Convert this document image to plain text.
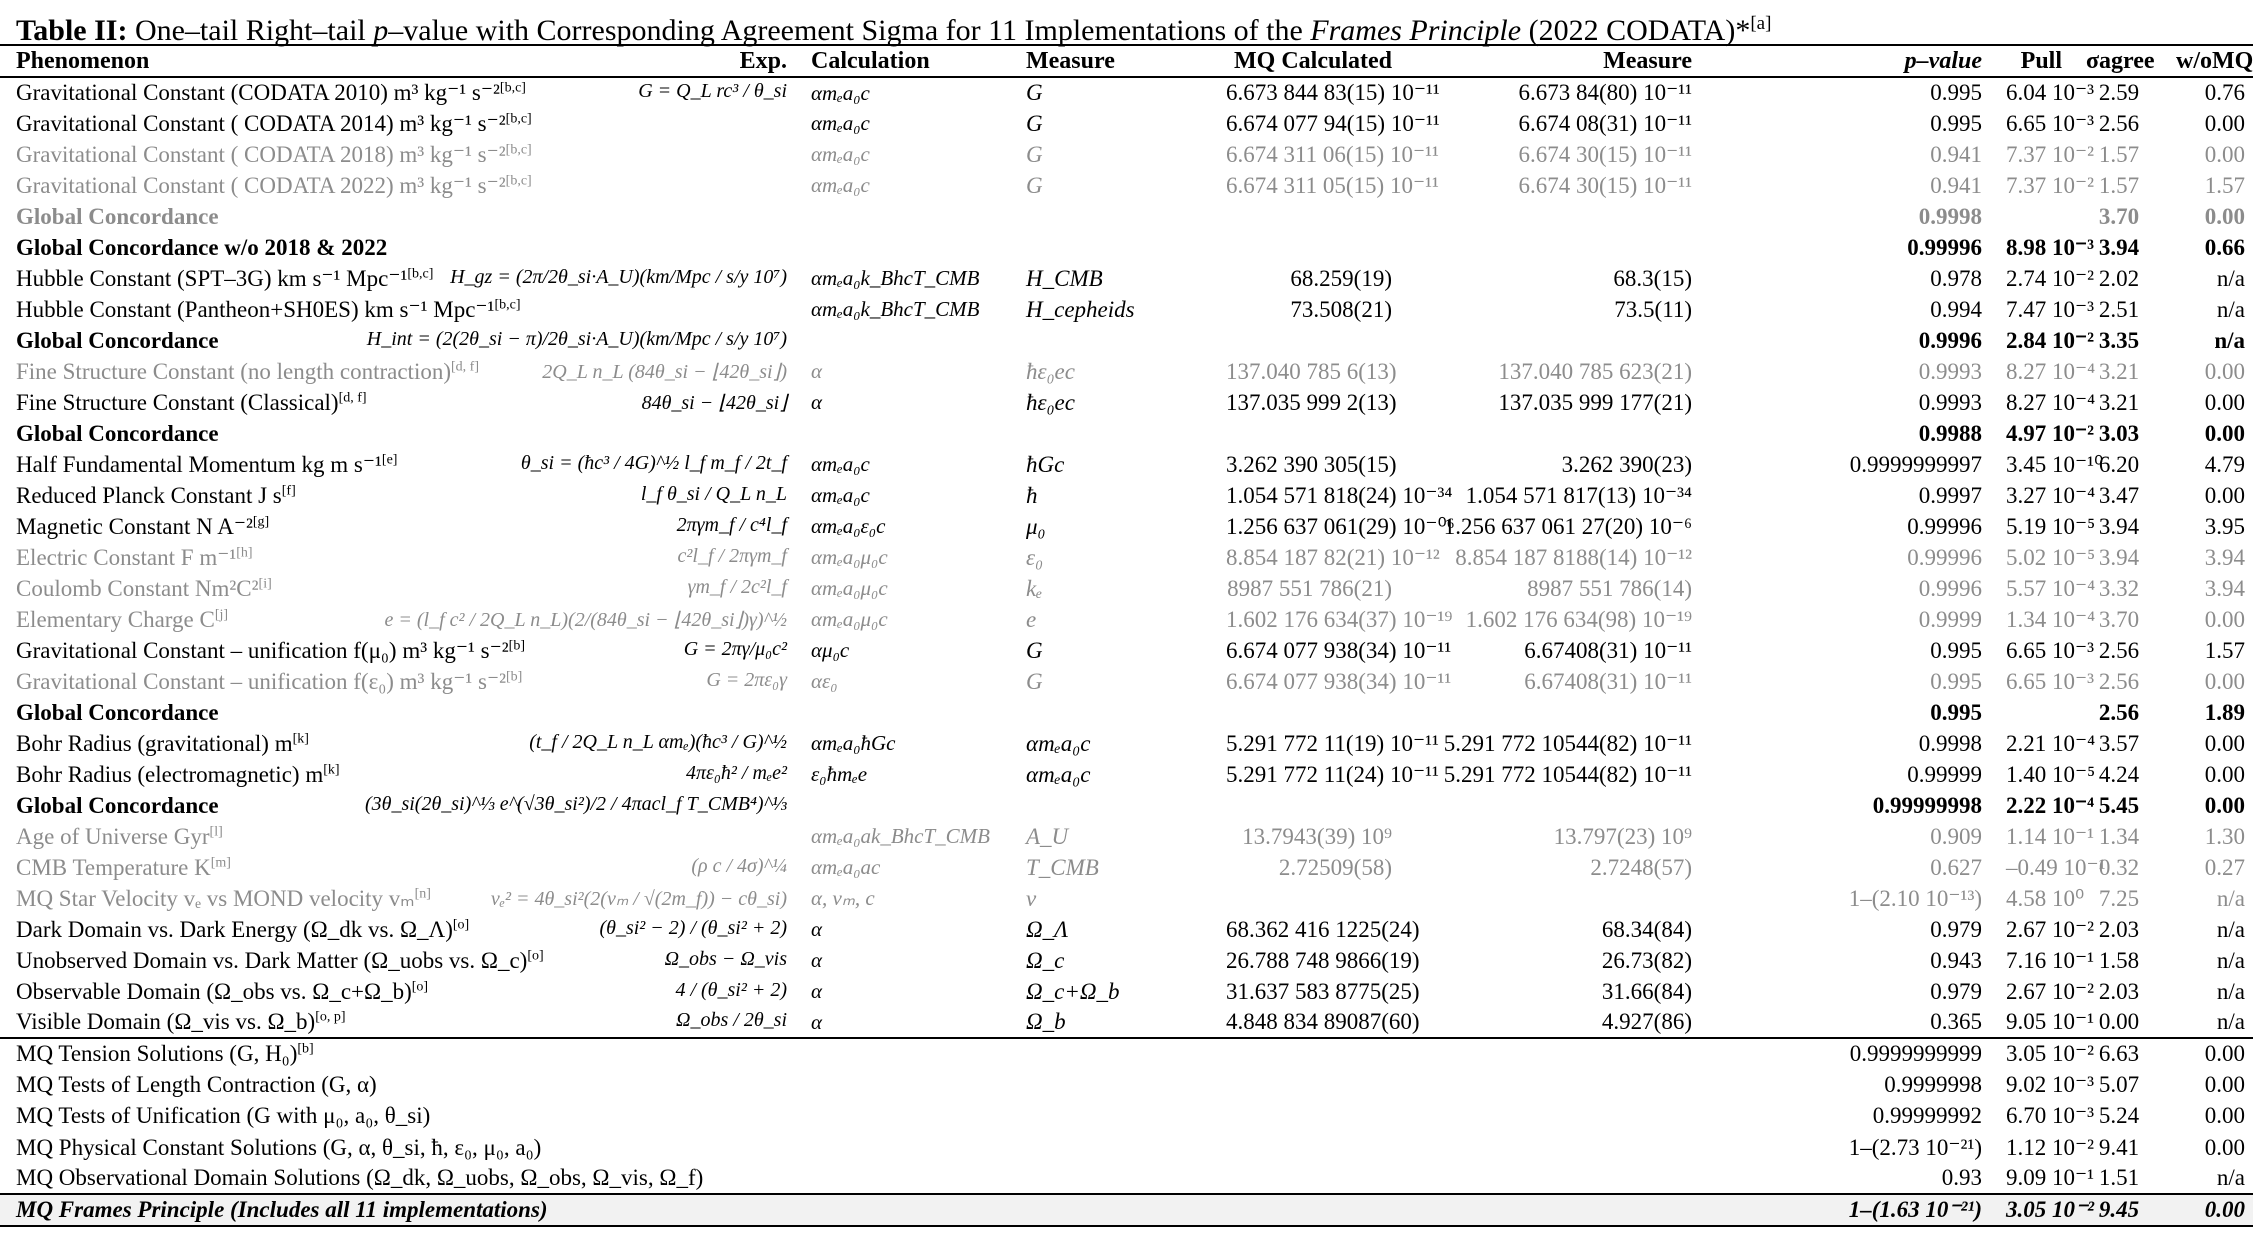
Table II: One–tail Right–tail p–value with Corresponding Agreement Sigma for 11 Implementations of the Frames Principle (2022 CODATA)*[a]
Phenomenon Exp.	Calculation	Measure	MQ Calculated	Measure	p–value	Pull	σagree	w/oMQ
Gravitational Constant (CODATA 2010) m³ kg⁻¹ s⁻²[b,c] G = Q_L rc³ / θ_si	αmₑa₀c	G	6.673 844 83(15) 10⁻¹¹	6.673 84(80) 10⁻¹¹	0.995	6.04 10⁻³	2.59	0.76
Gravitational Constant ( CODATA 2014) m³ kg⁻¹ s⁻²[b,c]	αmₑa₀c	G	6.674 077 94(15) 10⁻¹¹	6.674 08(31) 10⁻¹¹	0.995	6.65 10⁻³	2.56	0.00
Gravitational Constant ( CODATA 2018) m³ kg⁻¹ s⁻²[b,c]	αmₑa₀c	G	6.674 311 06(15) 10⁻¹¹	6.674 30(15) 10⁻¹¹	0.941	7.37 10⁻²	1.57	0.00
Gravitational Constant ( CODATA 2022) m³ kg⁻¹ s⁻²[b,c]	αmₑa₀c	G	6.674 311 05(15) 10⁻¹¹	6.674 30(15) 10⁻¹¹	0.941	7.37 10⁻²	1.57	1.57
Global Concordance					0.9998		3.70	0.00
Global Concordance w/o 2018 & 2022					0.99996	8.98 10⁻³	3.94	0.66
Hubble Constant (SPT–3G) km s⁻¹ Mpc⁻¹[b,c] H_gz = (2π/2θ_si·A_U)(km/Mpc / s/y 10⁷)	αmₑa₀k_BhcT_CMB	H_CMB	68.259(19)	68.3(15)	0.978	2.74 10⁻²	2.02	n/a
Hubble Constant (Pantheon+SH0ES) km s⁻¹ Mpc⁻¹[b,c]	αmₑa₀k_BhcT_CMB	H_cepheids	73.508(21)	73.5(11)	0.994	7.47 10⁻³	2.51	n/a
Global Concordance H_int = (2(2θ_si − π)/2θ_si·A_U)(km/Mpc / s/y 10⁷)					0.9996	2.84 10⁻²	3.35	n/a
Fine Structure Constant (no length contraction)[d, f] 2Q_L n_L (84θ_si − ⌊42θ_si⌋)	α	ħε₀ec	137.040 785 6(13)	137.040 785 623(21)	0.9993	8.27 10⁻⁴	3.21	0.00
Fine Structure Constant (Classical)[d, f] 84θ_si − ⌊42θ_si⌋	α	ħε₀ec	137.035 999 2(13)	137.035 999 177(21)	0.9993	8.27 10⁻⁴	3.21	0.00
Global Concordance					0.9988	4.97 10⁻²	3.03	0.00
Half Fundamental Momentum kg m s⁻¹[e] θ_si = (ħc³ / 4G)^½ l_f m_f / 2t_f	αmₑa₀c	ħGc	3.262 390 305(15)	3.262 390(23)	0.9999999997	3.45 10⁻¹⁰	6.20	4.79
Reduced Planck Constant J s[f] l_f θ_si / Q_L n_L	αmₑa₀c	ħ	1.054 571 818(24) 10⁻³⁴	1.054 571 817(13) 10⁻³⁴	0.9997	3.27 10⁻⁴	3.47	0.00
Magnetic Constant N A⁻²[g] 2πγm_f / c⁴l_f	αmₑa₀ε₀c	μ₀	1.256 637 061(29) 10⁻⁰⁶	1.256 637 061 27(20) 10⁻⁶	0.99996	5.19 10⁻⁵	3.94	3.95
Electric Constant F m⁻¹[h] c²l_f / 2πγm_f	αmₑa₀μ₀c	ε₀	8.854 187 82(21) 10⁻¹²	8.854 187 8188(14) 10⁻¹²	0.99996	5.02 10⁻⁵	3.94	3.94
Coulomb Constant Nm²C²[i] γm_f / 2c²l_f	αmₑa₀μ₀c	kₑ	8987 551 786(21)	8987 551 786(14)	0.9996	5.57 10⁻⁴	3.32	3.94
Elementary Charge C[j] e = (l_f c² / 2Q_L n_L)(2/(84θ_si − ⌊42θ_si⌋)γ)^½	αmₑa₀μ₀c	e	1.602 176 634(37) 10⁻¹⁹	1.602 176 634(98) 10⁻¹⁹	0.9999	1.34 10⁻⁴	3.70	0.00
Gravitational Constant – unification f(μ₀) m³ kg⁻¹ s⁻²[b] G = 2πγ/μ₀c²	αμ₀c	G	6.674 077 938(34) 10⁻¹¹	6.67408(31) 10⁻¹¹	0.995	6.65 10⁻³	2.56	1.57
Gravitational Constant – unification f(ε₀) m³ kg⁻¹ s⁻²[b] G = 2πε₀γ	αε₀	G	6.674 077 938(34) 10⁻¹¹	6.67408(31) 10⁻¹¹	0.995	6.65 10⁻³	2.56	0.00
Global Concordance					0.995		2.56	1.89
Bohr Radius (gravitational) m[k] (t_f / 2Q_L n_L αmₑ)(ħc³ / G)^½	αmₑa₀ħGc	αmₑa₀c	5.291 772 11(19) 10⁻¹¹	5.291 772 10544(82) 10⁻¹¹	0.9998	2.21 10⁻⁴	3.57	0.00
Bohr Radius (electromagnetic) m[k] 4πε₀ħ² / mₑe²	ε₀ħmₑe	αmₑa₀c	5.291 772 11(24) 10⁻¹¹	5.291 772 10544(82) 10⁻¹¹	0.99999	1.40 10⁻⁵	4.24	0.00
Global Concordance (3θ_si(2θ_si)^⅓ e^(√3θ_si²)/2 / 4πacl_f T_CMB⁴)^⅓					0.99999998	2.22 10⁻⁴	5.45	0.00
Age of Universe Gyr[l]	αmₑa₀ak_BhcT_CMB	A_U	13.7943(39) 10⁹	13.797(23) 10⁹	0.909	1.14 10⁻¹	1.34	1.30
CMB Temperature K[m] (ρ c / 4σ)^¼	αmₑa₀ac	T_CMB	2.72509(58)	2.7248(57)	0.627	–0.49 10⁻¹	0.32	0.27
MQ Star Velocity vₑ vs MOND velocity vₘ[n] vₑ² = 4θ_si²(2(vₘ / √(2m_f)) − cθ_si)	α, vₘ, c	v			1–(2.10 10⁻¹³)	4.58 10⁰	7.25	n/a
Dark Domain vs. Dark Energy (Ω_dk vs. Ω_Λ)[o] (θ_si² − 2) / (θ_si² + 2)	α	Ω_Λ	68.362 416 1225(24)	68.34(84)	0.979	2.67 10⁻²	2.03	n/a
Unobserved Domain vs. Dark Matter (Ω_uobs vs. Ω_c)[o] Ω_obs − Ω_vis	α	Ω_c	26.788 748 9866(19)	26.73(82)	0.943	7.16 10⁻¹	1.58	n/a
Observable Domain (Ω_obs vs. Ω_c+Ω_b)[o] 4 / (θ_si² + 2)	α	Ω_c+Ω_b	31.637 583 8775(25)	31.66(84)	0.979	2.67 10⁻²	2.03	n/a
Visible Domain (Ω_vis vs. Ω_b)[o, p] Ω_obs / 2θ_si	α	Ω_b	4.848 834 89087(60)	4.927(86)	0.365	9.05 10⁻¹	0.00	n/a
MQ Tension Solutions (G, H₀)[b]					0.9999999999	3.05 10⁻²	6.63	0.00
MQ Tests of Length Contraction (G, α)					0.9999998	9.02 10⁻³	5.07	0.00
MQ Tests of Unification (G with μ₀, a₀, θ_si)					0.99999992	6.70 10⁻³	5.24	0.00
MQ Physical Constant Solutions (G, α, θ_si, ħ, ε₀, μ₀, a₀)					1–(2.73 10⁻²¹)	1.12 10⁻²	9.41	0.00
MQ Observational Domain Solutions (Ω_dk, Ω_uobs, Ω_obs, Ω_vis, Ω_f)					0.93	9.09 10⁻¹	1.51	n/a
MQ Frames Principle (Includes all 11 implementations)					1–(1.63 10⁻²¹)	3.05 10⁻²	9.45	0.00
